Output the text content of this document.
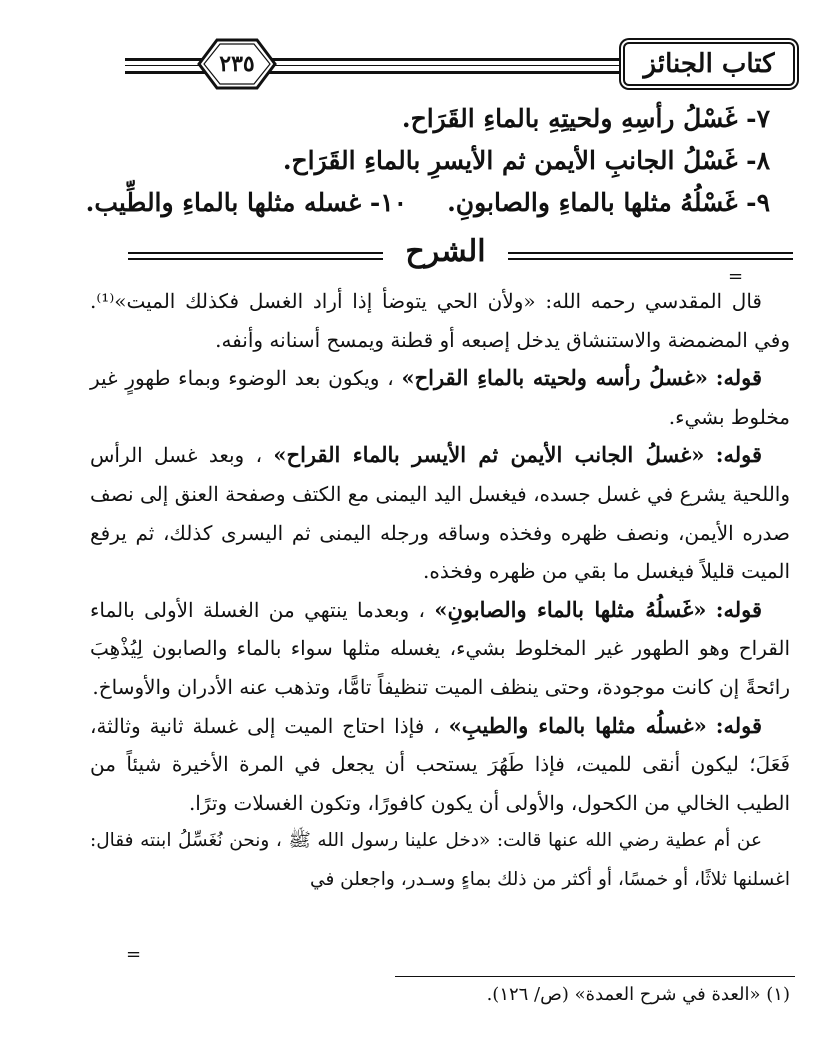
٢٣٥	كتاب الجنائز
٧- غَسْلُ رأسِهِ ولحيتِهِ بالماءِ القَرَاح.
٨- غَسْلُ الجانبِ الأيمن ثم الأيسرِ بالماءِ القَرَاح.
٩- غَسْلُهُ مثلها بالماءِ والصابونِ.١٠- غسله مثلها بالماءِ والطِّيب.
الشرح
=

قال المقدسي رحمه الله: «ولأن الحي يتوضأ إذا أراد الغسل فكذلك الميت»⁽¹⁾. وفي المضمضة والاستنشاق يدخل إصبعه أو قطنة ويمسح أسنانه وأنفه.

قوله: «غسلُ رأسه ولحيته بالماءِ القراح» ، ويكون بعد الوضوء وبماء طهورٍ غير مخلوط بشيء.

قوله: «غسلُ الجانب الأيمن ثم الأيسر بالماء القراح» ، وبعد غسل الرأس واللحية يشرع في غسل جسده، فيغسل اليد اليمنى مع الكتف وصفحة العنق إلى نصف صدره الأيمن، ونصف ظهره وفخذه وساقه ورجله اليمنى ثم اليسرى كذلك، ثم يرفع الميت قليلاً فيغسل ما بقي من ظهره وفخذه.

قوله: «غَسلُهُ مثلها بالماء والصابونِ» ، وبعدما ينتهي من الغسلة الأولى بالماء القراح وهو الطهور غير المخلوط بشيء، يغسله مثلها سواء بالماء والصابون لِيُذْهِبَ رائحةً إن كانت موجودة، وحتى ينظف الميت تنظيفاً تامًّا، وتذهب عنه الأدران والأوساخ.

قوله: «غسلُه مثلها بالماء والطيبِ» ، فإذا احتاج الميت إلى غسلة ثانية وثالثة، فَعَلَ؛ ليكون أنقى للميت، فإذا طَهُرَ يستحب أن يجعل في المرة الأخيرة شيئاً من الطيب الخالي من الكحول، والأولى أن يكون كافورًا، وتكون الغسلات وترًا.

عن أم عطية رضي الله عنها قالت: «دخل علينا رسول الله ﷺ ، ونحن نُغَسِّلُ ابنته فقال: اغسلنها ثلاثًا، أو خمسًا، أو أكثر من ذلك بماءٍ وسـدر، واجعلن في

=
(١) «العدة في شرح العمدة» (ص/ ١٢٦).
